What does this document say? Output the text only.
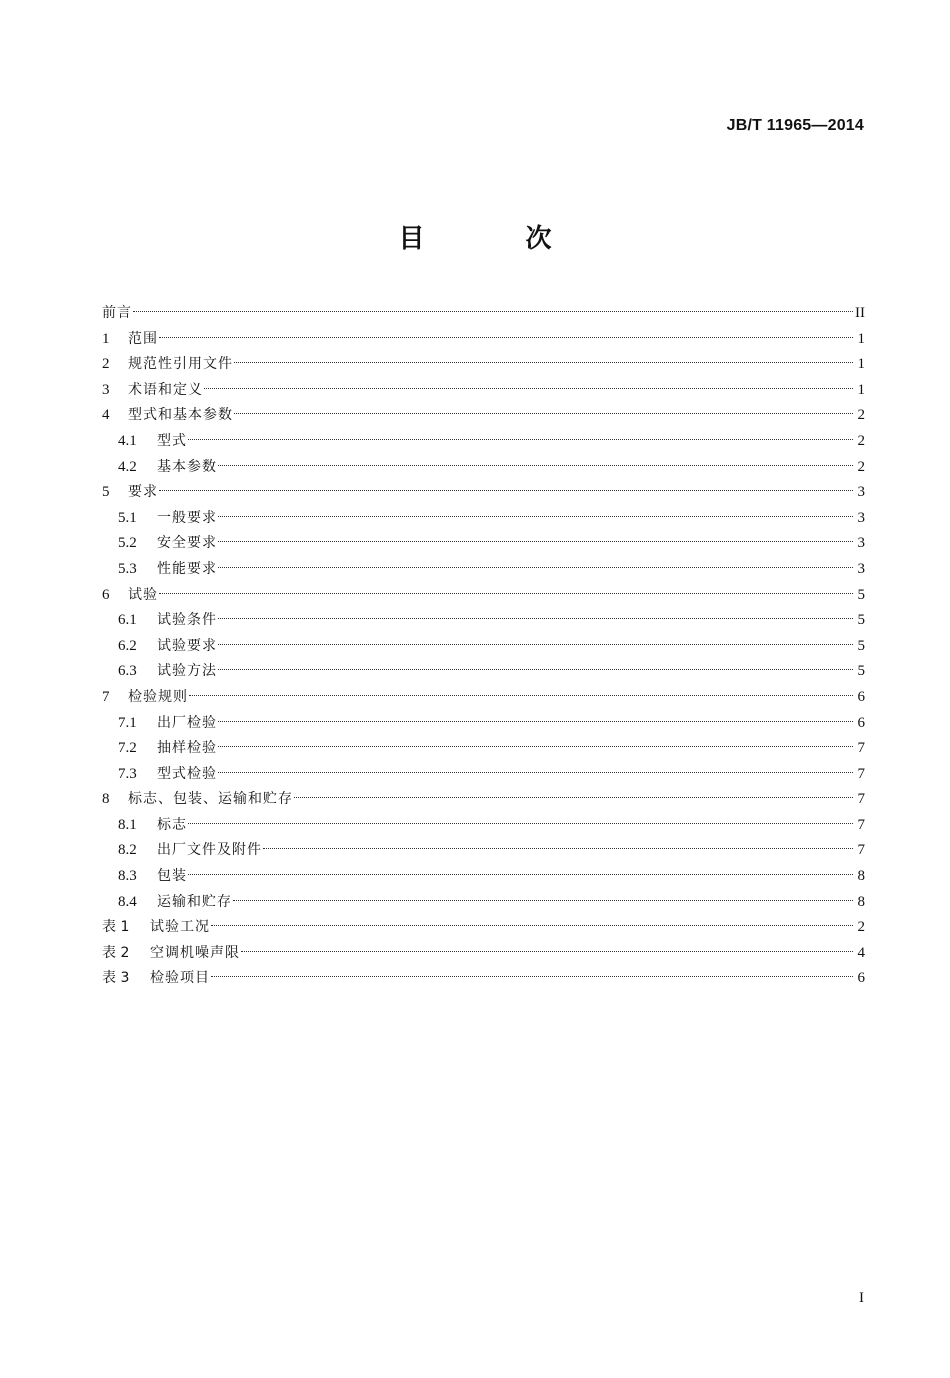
JB/T 11965—2014
目 次
前言	II
1	范围	1
2	规范性引用文件	1
3	术语和定义	1
4	型式和基本参数	2
4.1	型式	2
4.2	基本参数	2
5	要求	3
5.1	一般要求	3
5.2	安全要求	3
5.3	性能要求	3
6	试验	5
6.1	试验条件	5
6.2	试验要求	5
6.3	试验方法	5
7	检验规则	6
7.1	出厂检验	6
7.2	抽样检验	7
7.3	型式检验	7
8	标志、包装、运输和贮存	7
8.1	标志	7
8.2	出厂文件及附件	7
8.3	包装	8
8.4	运输和贮存	8
表 1	试验工况	2
表 2	空调机噪声限	4
表 3	检验项目	6
I
